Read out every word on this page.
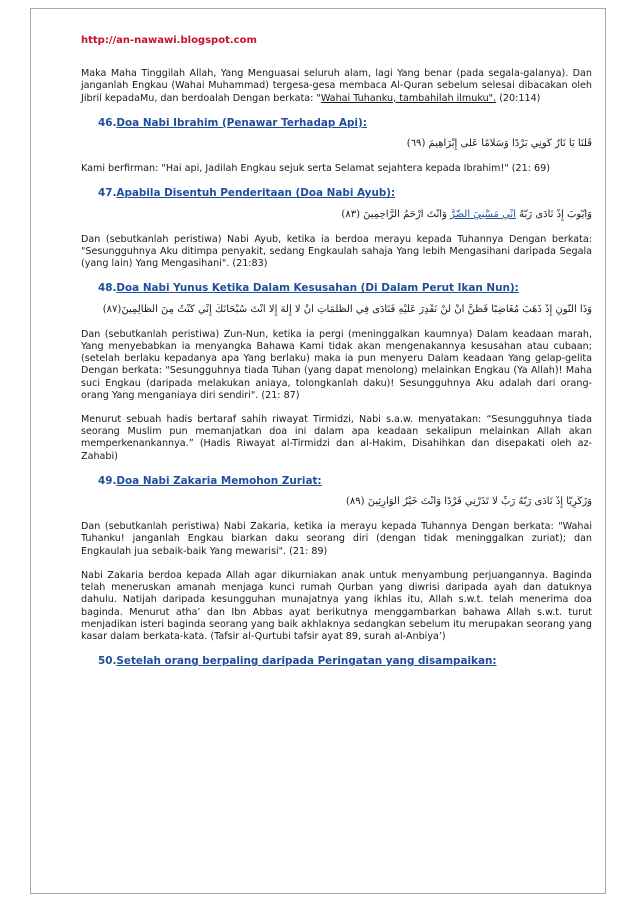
http://an-nawawi.blogspot.com

Maka Maha Tinggilah Allah, Yang Menguasai seluruh alam, lagi Yang benar (pada segala-galanya). Dan janganlah Engkau (Wahai Muhammad) tergesa-gesa membaca Al-Quran sebelum selesai dibacakan oleh Jibril kepadaMu, dan berdoalah Dengan berkata: "Wahai Tuhanku, tambahilah ilmuku". (20:114)

46.Doa Nabi Ibrahim (Penawar Terhadap Api):
قُلْنَا يَا نَارُ كُونِي بَرْدًا وَسَلَامًا عَلَى إِبْرَاهِيمَ (٦٩)

Kami berfirman: "Hai api, Jadilah Engkau sejuk serta Selamat sejahtera kepada Ibrahim!" (21: 69)

47.Apabila Disentuh Penderitaan (Doa Nabi Ayub):
وَأَيُّوبَ إِذْ نَادَى رَبَّهُ أَنِّي مَسَّنِيَ الضُّرُّ وَأَنْتَ أَرْحَمُ الرَّاحِمِينَ (٨٣)

Dan (sebutkanlah peristiwa) Nabi Ayub, ketika ia berdoa merayu kepada Tuhannya Dengan berkata: "Sesungguhnya Aku ditimpa penyakit, sedang Engkaulah sahaja Yang lebih Mengasihani daripada Segala (yang lain) Yang Mengasihani". (21:83)

48.Doa Nabi Yunus Ketika Dalam Kesusahan (Di Dalam Perut Ikan Nun):
وَذَا النُّونِ إِذْ ذَهَبَ مُغَاضِبًا فَظَنَّ أَنْ لَنْ نَقْدِرَ عَلَيْهِ فَنَادَى فِي الظُّلُمَاتِ أَنْ لَا إِلَهَ إِلَّا أَنْتَ سُبْحَانَكَ إِنِّي كُنْتُ مِنَ الظَّالِمِينَ(٨٧)

Dan (sebutkanlah peristiwa) Zun-Nun, ketika ia pergi (meninggalkan kaumnya) Dalam keadaan marah, Yang menyebabkan ia menyangka Bahawa Kami tidak akan mengenakannya kesusahan atau cubaan; (setelah berlaku kepadanya apa Yang berlaku) maka ia pun menyeru Dalam keadaan Yang gelap-gelita Dengan berkata: "Sesungguhnya tiada Tuhan (yang dapat menolong) melainkan Engkau (Ya Allah)! Maha suci Engkau (daripada melakukan aniaya, tolongkanlah daku)! Sesungguhnya Aku adalah dari orang-orang Yang menganiaya diri sendiri". (21: 87)

Menurut sebuah hadis bertaraf sahih riwayat Tirmidzi, Nabi s.a.w. menyatakan: “Sesungguhnya tiada seorang Muslim pun memanjatkan doa ini dalam apa keadaan sekalipun melainkan Allah akan memperkenankannya.” (Hadis Riwayat al-Tirmidzi dan al-Hakim, Disahihkan dan disepakati oleh az-Zahabi)

49.Doa Nabi Zakaria Memohon Zuriat:
وَزَكَرِيَّا إِذْ نَادَى رَبَّهُ رَبِّ لَا تَذَرْنِي فَرْدًا وَأَنْتَ خَيْرُ الْوَارِثِينَ (٨٩)

Dan (sebutkanlah peristiwa) Nabi Zakaria, ketika ia merayu kepada Tuhannya Dengan berkata: "Wahai Tuhanku! janganlah Engkau biarkan daku seorang diri (dengan tidak meninggalkan zuriat); dan Engkaulah jua sebaik-baik Yang mewarisi". (21: 89)

Nabi Zakaria berdoa kepada Allah agar dikurniakan anak untuk menyambung perjuangannya. Baginda telah meneruskan amanah menjaga kunci rumah Qurban yang diwrisi daripada ayah dan datuknya dahulu. Natijah daripada kesungguhan munajatnya yang ikhlas itu, Allah s.w.t. telah menerima doa baginda. Menurut atha’ dan Ibn Abbas ayat berikutnya menggambarkan bahawa Allah s.w.t. turut menjadikan isteri baginda seorang yang baik akhlaknya sedangkan sebelum itu merupakan seorang yang kasar dalam berkata-kata. (Tafsir al-Qurtubi tafsir ayat 89, surah al-Anbiya’)

50.Setelah orang berpaling daripada Peringatan yang disampaikan:
